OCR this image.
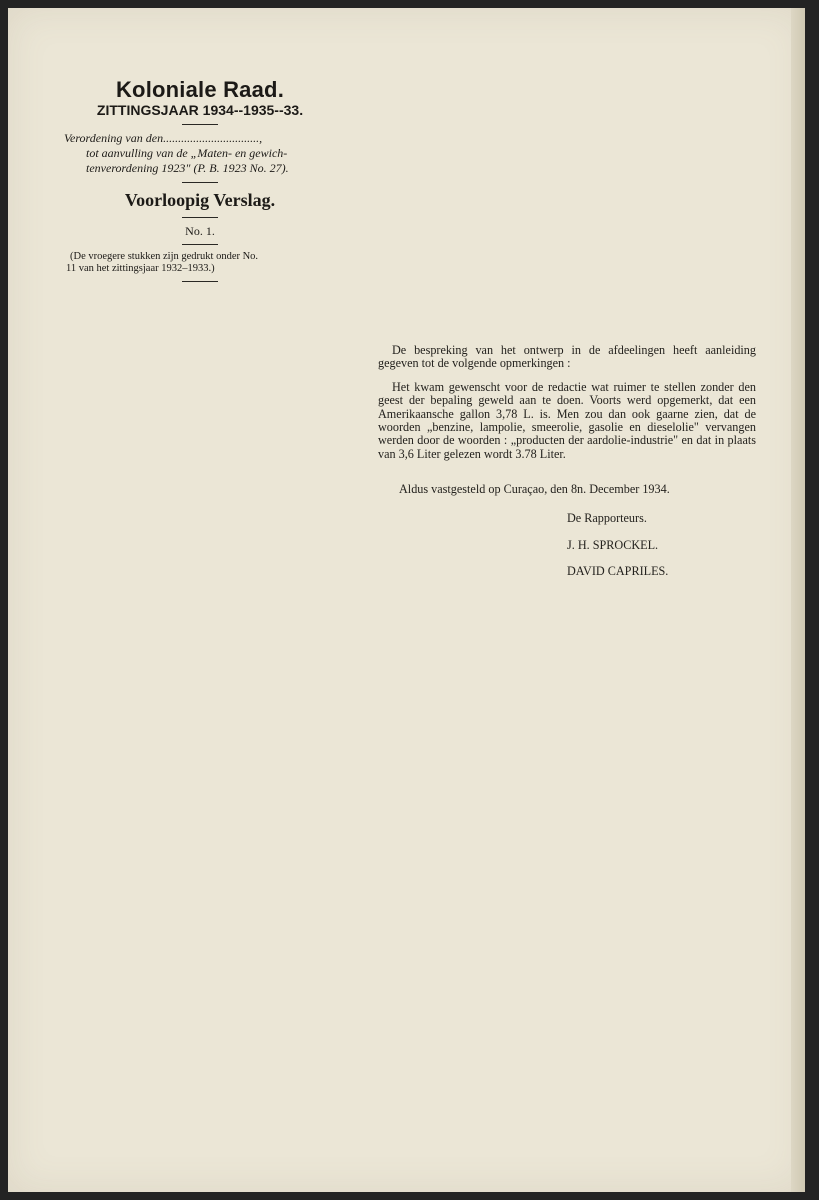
Koloniale Raad.
ZITTINGSJAAR 1934--1935--33.
Verordening van den................................,
tot aanvulling van de „Maten- en gewich-
tenverordening 1923" (P. B. 1923 No. 27).
Voorloopig Verslag.
No. 1.
(De vroegere stukken zijn gedrukt onder No.
11 van het zittingsjaar 1932–1933.)

De bespreking van het ontwerp in de afdeelingen heeft aanleiding gegeven tot de volgende opmerkingen :

Het kwam gewenscht voor de redactie wat ruimer te stellen zonder den geest der bepaling geweld aan te doen. Voorts werd opgemerkt, dat een Amerikaansche gallon 3,78 L. is. Men zou dan ook gaarne zien, dat de woorden „benzine, lampolie, smeerolie, gasolie en dieselolie" vervangen werden door de woorden : „producten der aardolie-industrie" en dat in plaats van 3,6 Liter gelezen wordt 3.78 Liter.

Aldus vastgesteld op Curaçao, den 8n. December 1934.
De Rapporteurs.
J. H. SPROCKEL.
DAVID CAPRILES.
